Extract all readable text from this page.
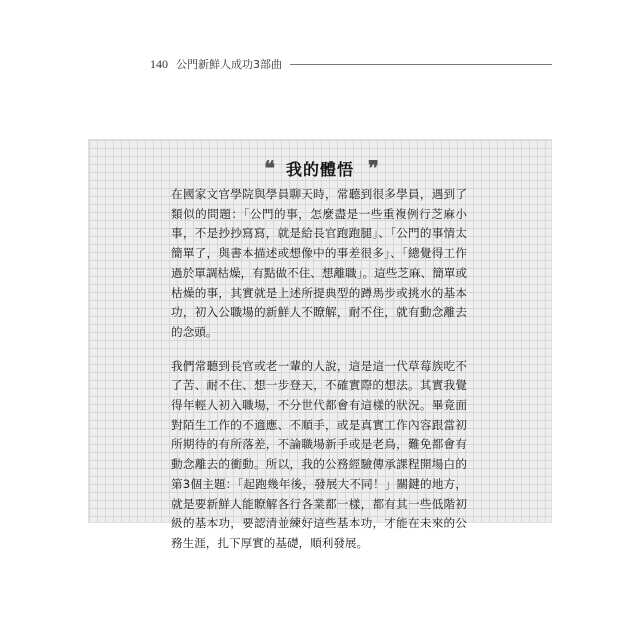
140 公門新鮮人成功3部曲
❝ 我的體悟 ❞

在國家文官學院與學員聊天時，常聽到很多學員，遇到了類似的問題：「公門的事，怎麼盡是一些重複例行芝麻小事，不是抄抄寫寫，就是給長官跑跑腿」、「公門的事情太簡單了，與書本描述或想像中的事差很多」、「總覺得工作過於單調枯燥，有點做不住、想離職」。這些芝麻、簡單或枯燥的事，其實就是上述所提典型的蹲馬步或挑水的基本功，初入公職場的新鮮人不瞭解，耐不住，就有動念離去的念頭。

我們常聽到長官或老一輩的人說，這是這一代草莓族吃不了苦、耐不住、想一步登天，不確實際的想法。其實我覺得年輕人初入職場，不分世代都會有這樣的狀況。畢竟面對陌生工作的不適應、不順手，或是真實工作內容跟當初所期待的有所落差，不論職場新手或是老鳥，難免都會有動念離去的衝動。所以，我的公務經驗傳承課程開場白的第3個主題：「起跑幾年後，發展大不同！」關鍵的地方，就是要新鮮人能瞭解各行各業都一樣，都有其一些低階初級的基本功，要認清並練好這些基本功，才能在未來的公務生涯，扎下厚實的基礎，順利發展。
